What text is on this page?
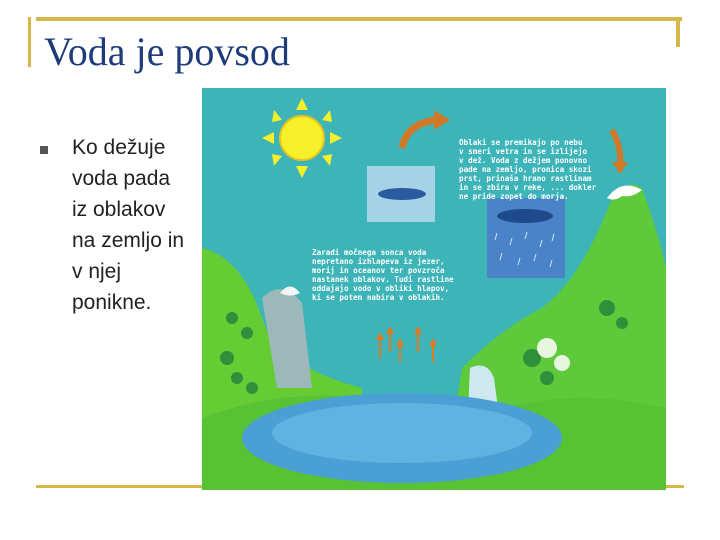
Voda je povsod
Ko dežuje voda pada iz oblakov na zemljo in v njej ponikne.
Oblaki se premikajo po nebu v smeri vetra in se izlijejo v dež. Voda z dežjem ponovno pade na zemljo, pronica skozi prst, prinaša hrano rastlinam in se zbira v reke, ... dokler ne pride zopet do morja.
Zaradi močnega sonca voda nepretano izhlapeva iz jezer, morij in oceanov ter povzroča nastanek oblakov. Tudi rastline oddajajo vodo v obliki hlapov, ki se potem nabira v oblakih.
